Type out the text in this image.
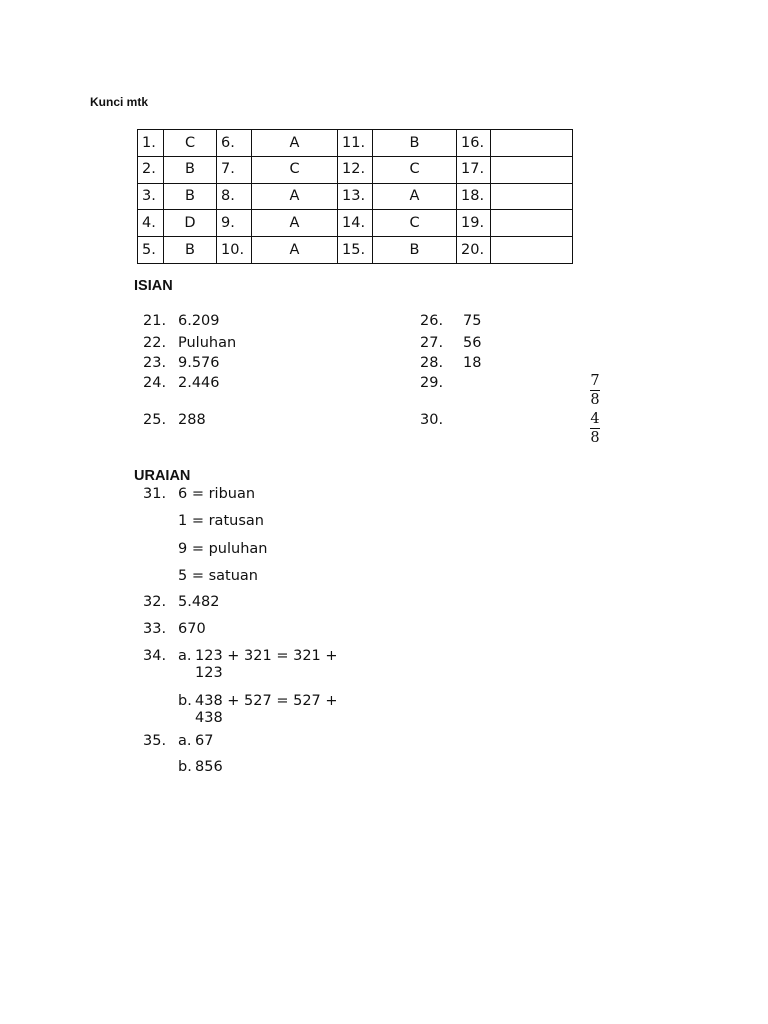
Kunci mtk
1.	C	6.	A	11.	B	16.	
2.	B	7.	C	12.	C	17.	
3.	B	8.	A	13.	A	18.	
4.	D	9.	A	14.	C	19.	
5.	B	10.	A	15.	B	20.	
ISIAN
21. 6.209
22. Puluhan
23. 9.576
24. 2.446
25. 288
26. 75
27. 56
28. 18
29.	7
8
30.	4
8
URAIAN
31. 6 = ribuan
1 = ratusan
9 = puluhan
5 = satuan
32. 5.482
33. 670
34. a. 123 + 321 = 321 +
123
b. 438 + 527 = 527 +
438
35. a. 67
b. 856
